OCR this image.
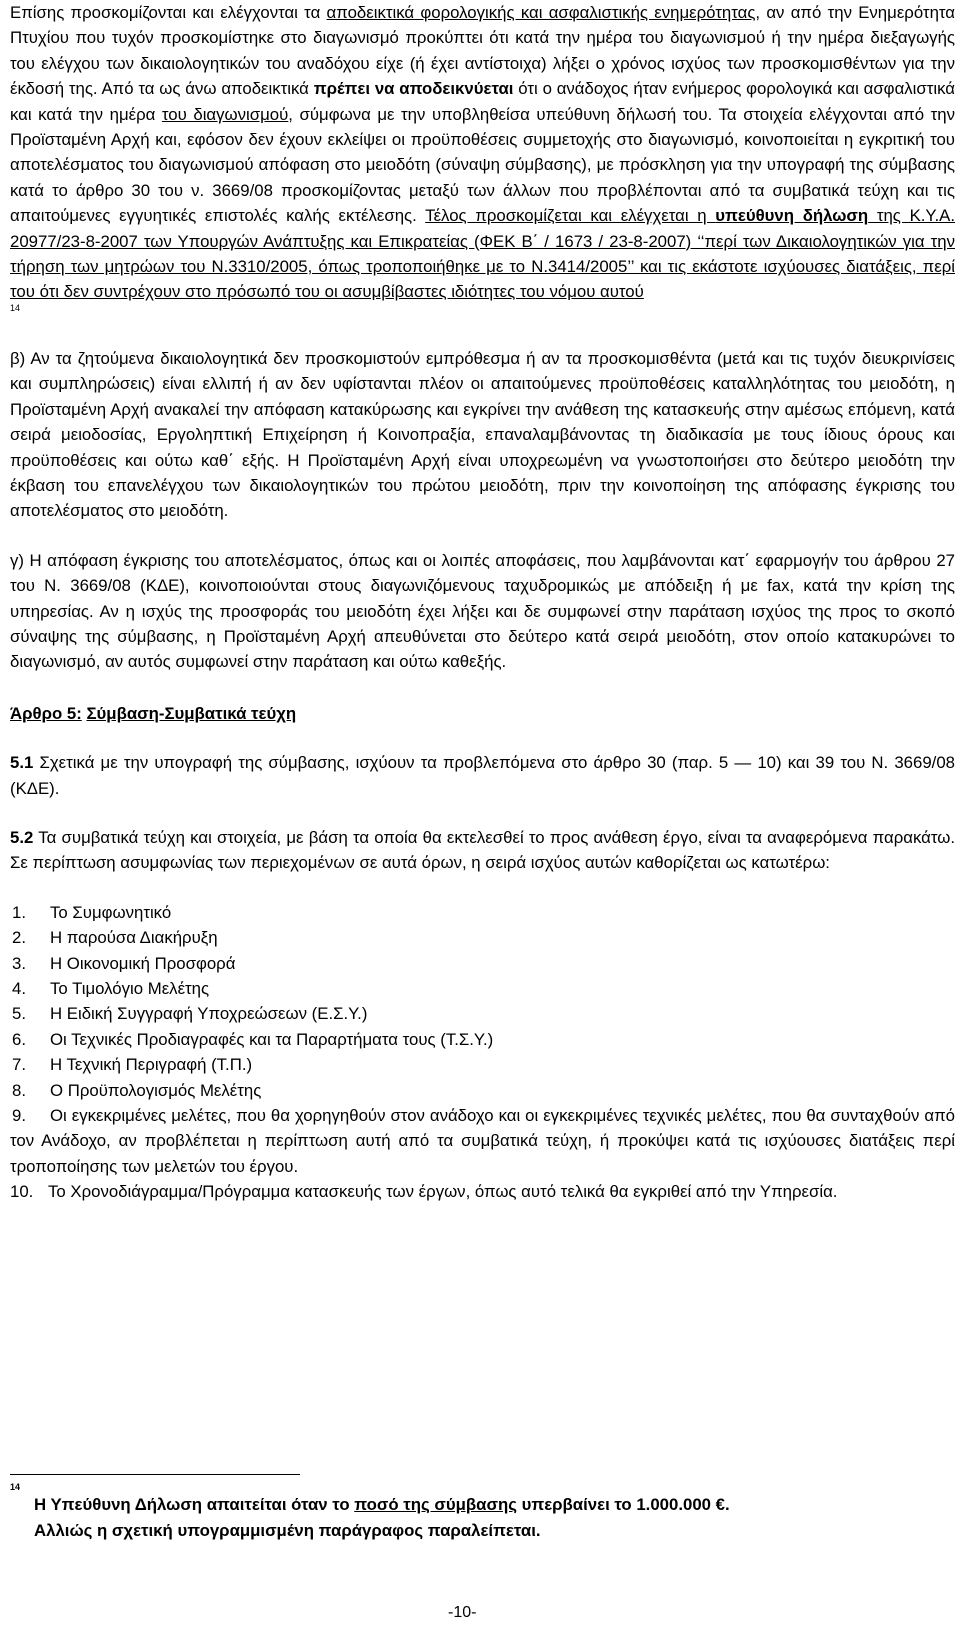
Επίσης προσκομίζονται και ελέγχονται τα αποδεικτικά φορολογικής και ασφαλιστικής ενημερότητας, αν από την Ενημερότητα Πτυχίου που τυχόν προσκομίστηκε στο διαγωνισμό προκύπτει ότι κατά την ημέρα του διαγωνισμού ή την ημέρα διεξαγωγής του ελέγχου των δικαιολογητικών του αναδόχου είχε (ή έχει αντίστοιχα) λήξει ο χρόνος ισχύος των προσκομισθέντων για την έκδοσή της. Από τα ως άνω αποδεικτικά πρέπει να αποδεικνύεται ότι ο ανάδοχος ήταν ενήμερος φορολογικά και ασφαλιστικά και κατά την ημέρα του διαγωνισμού, σύμφωνα με την υποβληθείσα υπεύθυνη δήλωσή του. Τα στοιχεία ελέγχονται από την Προϊσταμένη Αρχή και, εφόσον δεν έχουν εκλείψει οι προϋποθέσεις συμμετοχής στο διαγωνισμό, κοινοποιείται η εγκριτική του αποτελέσματος του διαγωνισμού απόφαση στο μειοδότη (σύναψη σύμβασης), με πρόσκληση για την υπογραφή της σύμβασης κατά το άρθρο 30 του ν. 3669/08 προσκομίζοντας μεταξύ των άλλων που προβλέπονται από τα συμβατικά τεύχη και τις απαιτούμενες εγγυητικές επιστολές καλής εκτέλεσης. Τέλος προσκομίζεται και ελέγχεται η υπεύθυνη δήλωση της Κ.Υ.Α. 20977/23-8-2007 των Υπουργών Ανάπτυξης και Επικρατείας (ΦΕΚ Β΄ / 1673 / 23-8-2007) ‘‘περί των Δικαιολογητικών για την τήρηση των μητρώων του Ν.3310/2005, όπως τροποποιήθηκε με το Ν.3414/2005’’ και τις εκάστοτε ισχύουσες διατάξεις, περί του ότι δεν συντρέχουν στο πρόσωπό του οι ασυμβίβαστες ιδιότητες του νόμου αυτού

14

β) Αν τα ζητούμενα δικαιολογητικά δεν προσκομιστούν εμπρόθεσμα ή αν τα προσκομισθέντα (μετά και τις τυχόν διευκρινίσεις και συμπληρώσεις) είναι ελλιπή ή αν δεν υφίστανται πλέον οι απαιτούμενες προϋποθέσεις καταλληλότητας του μειοδότη, η Προϊσταμένη Αρχή ανακαλεί την απόφαση κατακύρωσης και εγκρίνει την ανάθεση της κατασκευής στην αμέσως επόμενη, κατά σειρά μειοδοσίας, Εργοληπτική Επιχείρηση ή Κοινοπραξία, επαναλαμβάνοντας τη διαδικασία με τους ίδιους όρους και προϋποθέσεις και ούτω καθ΄ εξής. Η Προϊσταμένη Αρχή είναι υποχρεωμένη να γνωστοποιήσει στο δεύτερο μειοδότη την έκβαση του επανελέγχου των δικαιολογητικών του πρώτου μειοδότη, πριν την κοινοποίηση της απόφασης έγκρισης του αποτελέσματος στο μειοδότη.

γ) Η απόφαση έγκρισης του αποτελέσματος, όπως και οι λοιπές αποφάσεις, που λαμβάνονται κατ΄ εφαρμογήν του άρθρου 27 του Ν. 3669/08 (ΚΔΕ), κοινοποιούνται στους διαγωνιζόμενους ταχυδρομικώς με απόδειξη ή με fax, κατά την κρίση της υπηρεσίας. Αν η ισχύς της προσφοράς του μειοδότη έχει λήξει και δε συμφωνεί στην παράταση ισχύος της προς το σκοπό σύναψης της σύμβασης, η Προϊσταμένη Αρχή απευθύνεται στο δεύτερο κατά σειρά μειοδότη, στον οποίο κατακυρώνει το διαγωνισμό, αν αυτός συμφωνεί στην παράταση και ούτω καθεξής.

Άρθρο 5: Σύμβαση-Συμβατικά τεύχη

5.1 Σχετικά με την υπογραφή της σύμβασης, ισχύουν τα προβλεπόμενα στο άρθρο 30 (παρ. 5 — 10) και 39 του Ν. 3669/08 (ΚΔΕ).

5.2 Τα συμβατικά τεύχη και στοιχεία, με βάση τα οποία θα εκτελεσθεί το προς ανάθεση έργο, είναι τα αναφερόμενα παρακάτω. Σε περίπτωση ασυμφωνίας των περιεχομένων σε αυτά όρων, η σειρά ισχύος αυτών καθορίζεται ως κατωτέρω:

1.	Το Συμφωνητικό
2.	Η παρούσα Διακήρυξη
3.	Η Οικονομική Προσφορά
4.	Το Τιμολόγιο Μελέτης
5.	Η Ειδική Συγγραφή Υποχρεώσεων (Ε.Σ.Υ.)
6.	Οι Τεχνικές Προδιαγραφές και τα Παραρτήματα τους (Τ.Σ.Υ.)
7.	Η Τεχνική Περιγραφή (Τ.Π.)
8.	Ο Προϋπολογισμός Μελέτης
9. Οι εγκεκριμένες μελέτες, που θα χορηγηθούν στον ανάδοχο και οι εγκεκριμένες τεχνικές μελέτες, που θα συνταχθούν από τον Ανάδοχο, αν προβλέπεται η περίπτωση αυτή από τα συμβατικά τεύχη, ή προκύψει κατά τις ισχύουσες διατάξεις περί τροποποίησης των μελετών του έργου.
10. Το Χρονοδιάγραμμα/Πρόγραμμα κατασκευής των έργων, όπως αυτό τελικά θα εγκριθεί από την Υπηρεσία.
14
Η Υπεύθυνη Δήλωση απαιτείται όταν το ποσό της σύμβασης υπερβαίνει το 1.000.000 €.
Αλλιώς η σχετική υπογραμμισμένη παράγραφος παραλείπεται.
-10-
